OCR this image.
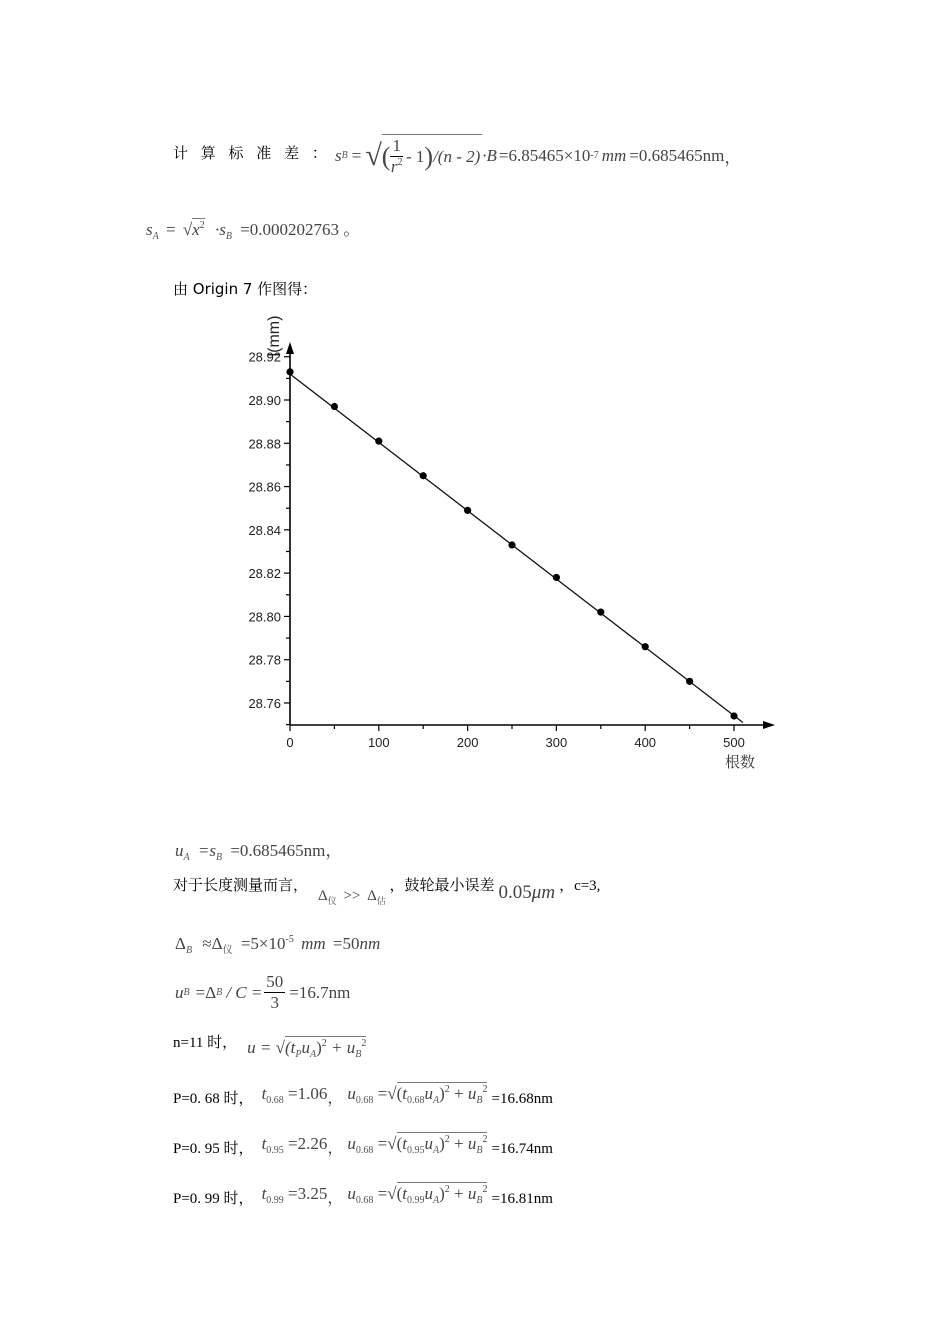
计 算 标 准 差 ： s B = √ ( $\frac{1}{r^2} - 1$ ) /(n - 2) ·B =6.85465×10 -7 mm =0.685465nm ，
$s_A = √x^2 \cdot s_B =0.000202763$ 。
由 Origin 7 作图得：
28.76
28.78
28.80
28.82
28.84
28.86
28.88
28.90
28.92
0	100	200	300	400	500
根数
l(mm)
$u_A =s_B =0.685465nm$，
对于长度测量而言， $\Delta_仪 >> \Delta_估$ ，鼓轮最小误差 0.05μm ，c=3,
$\Delta_B \approx\Delta_仪 =5\times 10^{-5}$ mm =50nm
u B =Δ $B / C = \frac{50}{3} =16.7nm$
n=11 时， $u = √(t_Pu_A)^2 + u_B^2$
P=0. 68 时， $t_{0.68} =1.06$， $u_{0.68} =√(t_{0.68}u_A)^2 + u_B^2 =16.68nm$
P=0. 95 时， $t_{0.95} =2.26$， $u_{0.68} =√(t_{0.95}u_A)^2 + u_B^2 =16.74nm$
P=0. 99 时， $t_{0.99} =3.25$， $u_{0.68} =√(t_{0.99}u_A)^2 + u_B^2 =16.81nm$
